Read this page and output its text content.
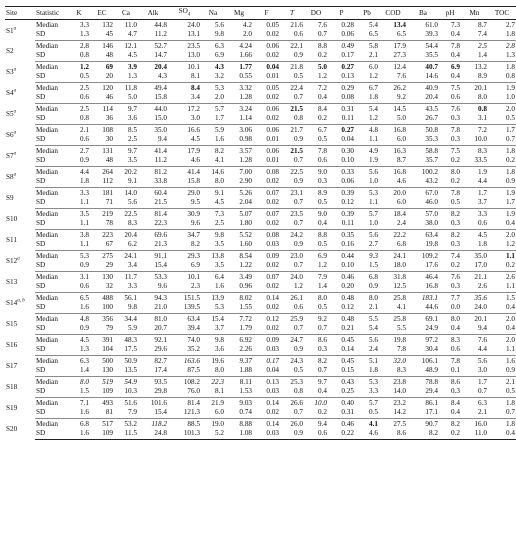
Site	Statistic	K	EC	Ca	Alk	$SO_4$	Na	Mg	F	T	DO	P	Pb	COD	Ba	pH	Mn	TOC
S1$^a$	Median	3.3	132	11.0	44.8	24.0	5.6	4.2	0.05	21.6	7.6	0.28	5.4	13.4	61.0	7.3	8.7	2.7
	SD	1.3	45	4.7	11.2	13.1	9.8	2.0	0.02	0.6	0.7	0.06	6.5	6.5	39.3	0.4	7.4	1.8
S2	Median	2.8	146	12.1	52.7	23.5	6.3	4.24	0.06	22.1	8.8	0.49	5.8	17.9	54.4	7.8	2.5	2.8
	SD	0.8	48	4.5	14.7	13.0	6.9	1.66	0.02	0.9	0.2	0.17	2.1	27.3	35.5	0.4	1.4	1.3
S3$^a$	Median	1.2	69	3.9	20.4	10.1	4.3	1.77	0.04	21.8	5.0	0.27	6.0	12.4	40.7	6.9	13.2	1.8
	SD	0.5	20	1.3	4.3	8.1	3.2	0.55	0.01	0.5	1.2	0.13	1.2	7.6	14.6	0.4	8.9	0.8
S4$^a$	Median	2.5	120	11.8	49.4	8.4	5.3	3.32	0.05	22.4	7.2	0.29	6.7	26.2	40.9	7.5	20.1	1.9
	SD	0.6	46	5.0	15.8	3.4	2.0	1.28	0.02	0.7	0.4	0.08	1.8	9.2	20.4	0.6	8.0	1.0
S5$^a$	Median	2.5	114	9.7	44.0	17.2	5.7	3.24	0.06	21.5	8.4	0.31	5.4	14.5	43.5	7.6	0.8	2.0
	SD	0.8	36	3.6	15.0	3.0	1.7	1.14	0.02	0.8	0.2	0.11	1.2	5.0	26.7	0.3	3.1	0.5
S6$^a$	Median	2.1	108	8.5	35.0	16.6	5.9	3.06	0.06	21.7	6.7	0.27	4.8	16.8	50.8	7.8	7.2	1.7
	SD	0.6	30	2.5	9.4	4.5	1.6	0.98	0.01	0.9	0.5	0.04	1.1	6.0	35.3	0.3	10.0	0.7
S7$^a$	Median	2.7	131	9.7	41.4	17.9	8.2	3.57	0.06	21.5	7.8	0.30	4.9	16.3	58.8	7.5	8.3	1.8
	SD	0.9	48	3.5	11.2	4.6	4.1	1.28	0.01	0.7	0.6	0.10	1.9	8.7	35.7	0.2	33.5	0.2
S8$^a$	Median	4.4	264	20.2	81.2	41.4	14.6	7.00	0.08	22.5	9.0	0.33	5.6	16.8	100.2	8.0	1.9	1.8
	SD	1.8	112	9.1	33.8	15.8	8.0	2.90	0.02	0.9	0.3	0.06	1.0	4.6	43.2	0.2	4.4	0.9
S9	Median	3.3	181	14.0	60.4	29.0	9.1	5.26	0.07	23.1	8.9	0.39	5.3	20.0	67.0	7.8	1.7	1.9
	SD	1.1	71	5.6	21.5	9.5	4.5	2.04	0.02	0.7	0.5	0.12	1.1	6.0	46.0	0.5	3.7	1.7
S10	Median	3.5	219	22.5	81.4	30.9	7.3	5.07	0.07	23.5	9.0	0.39	5.7	18.4	57.0	8.2	3.3	1.9
	SD	1.1	78	8.3	22.3	9.6	2.5	1.80	0.02	0.7	0.4	0.11	1.0	2.4	38.0	0.3	0.6	0.4
S11	Median	3.8	223	20.4	69.6	34.7	9.8	5.52	0.08	24.2	8.8	0.35	5.6	22.2	63.4	8.2	4.5	2.0
	SD	1.1	67	6.2	21.3	8.2	3.5	1.60	0.03	0.9	0.5	0.16	2.7	6.8	19.8	0.3	1.8	1.2
S12$^a$	Median	5.3	275	24.1	91.1	29.3	13.8	8.54	0.09	23.0	6.9	0.44	9.3	24.1	109.2	7.4	35.0	1.1
	SD	0.9	29	3.4	15.4	6.9	3.5	1.22	0.02	0.7	1.2	0.10	1.5	18.0	17.6	0.2	17.0	0.2
S13	Median	3.1	130	11.7	53.3	10.1	6.4	3.49	0.07	24.0	7.9	0.46	6.8	31.8	46.4	7.6	21.1	2.6
	SD	0.6	32	3.3	9.6	2.3	1.6	0.96	0.02	1.2	1.4	0.20	0.9	12.5	16.8	0.3	2.6	1.1
S14$^{a, b}$	Median	6.5	488	56.1	94.3	151.5	13.9	8.02	0.14	26.1	8.0	0.48	8.0	25.8	183.1	7.7	35.6	1.5
	SD	1.6	100	9.8	21.0	139.5	5.3	1.55	0.02	0.6	0.5	0.12	2.1	4.1	44.6	0.0	24.0	0.4
S15	Median	4.8	356	34.4	81.0	63.4	15.4	7.72	0.12	25.9	9.2	0.48	5.5	25.8	69.1	8.0	20.1	2.0
	SD	0.9	79	5.9	20.7	39.4	3.7	1.79	0.02	0.7	0.7	0.21	5.4	5.5	24.9	0.4	9.4	0.4
S16	Median	4.5	391	48.3	92.1	74.0	9.8	6.92	0.09	24.7	8.6	0.45	5.6	19.8	97.2	8.3	7.6	2.0
	SD	1.3	104	17.5	29.6	35.2	3.6	2.26	0.03	0.9	0.3	0.14	2.4	7.8	30.4	0.6	4.4	1.1
S17	Median	6.3	500	50.9	82.7	163.6	19.6	9.37	0.17	24.3	8.2	0.45	5.1	32.0	106.1	7.8	5.6	1.6
	SD	1.4	130	13.5	17.4	87.5	8.0	1.88	0.04	0.5	0.7	0.15	1.8	8.3	48.9	0.1	3.0	0.9
S18	Median	8.0	519	54.9	93.5	108.2	22.3	8.11	0.13	25.3	9.7	0.43	5.3	23.8	78.8	8.6	1.7	2.1
	SD	1.5	109	10.3	29.8	76.0	8.1	1.53	0.03	0.8	0.4	0.25	3.3	14.0	29.4	0.3	0.7	0.5
S19	Median	7.1	493	51.6	101.6	81.4	21.9	9.03	0.14	26.6	10.0	0.40	5.7	23.2	86.1	8.4	6.3	1.8
	SD	1.6	81	7.9	15.4	121.3	6.0	0.74	0.02	0.7	0.2	0.31	0.5	14.2	17.1	0.4	2.1	0.7
S20	Median	6.8	517	53.2	118.2	88.5	19.0	8.88	0.14	26.0	9.4	0.46	4.1	27.5	90.7	8.2	16.0	1.8
	SD	1.6	109	11.5	24.8	101.3	5.2	1.08	0.03	0.9	0.6	0.22	4.6	8.6	8.2	0.2	11.0	0.4
